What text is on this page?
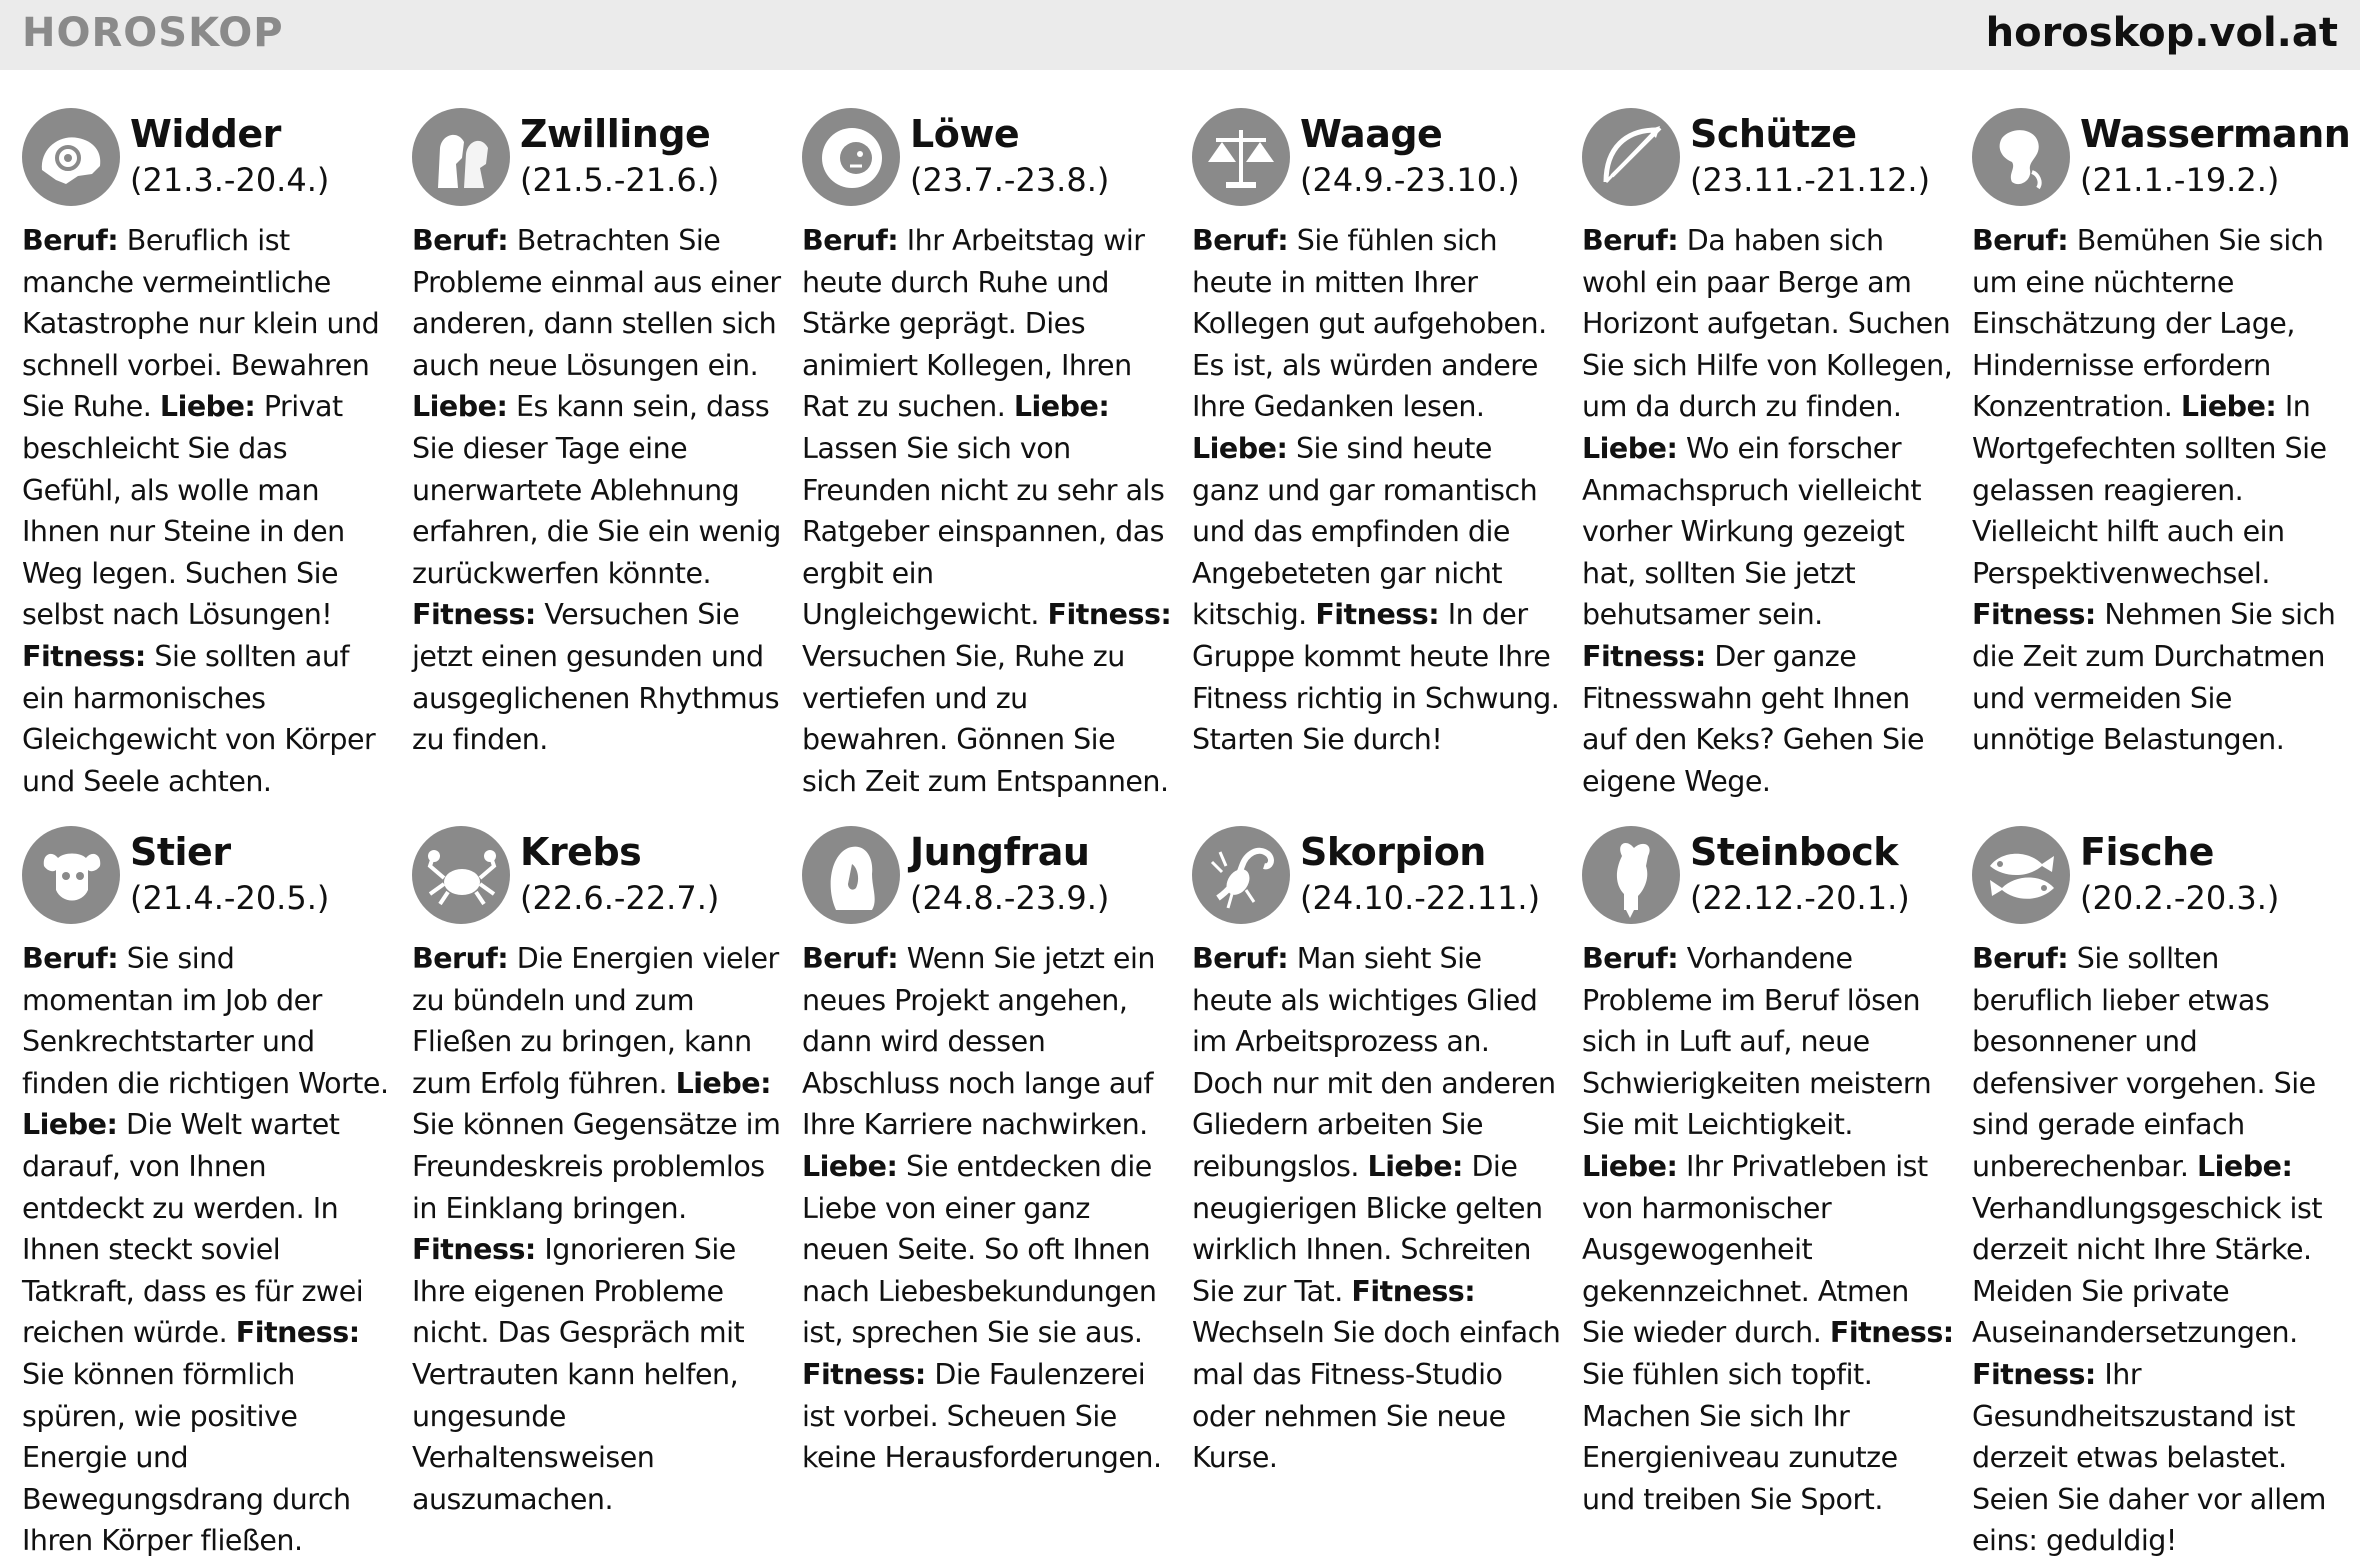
HOROSKOP	horoskop.vol.at
Widder
(21.3.-20.4.)
Beruf: Beruflich ist manche vermeintliche Katastrophe nur klein und schnell vorbei. Bewahren Sie Ruhe. Liebe: Privat beschleicht Sie das Gefühl, als wolle man Ihnen nur Steine in den Weg legen. Suchen Sie selbst nach Lösungen! Fitness: Sie sollten auf ein harmonisches Gleichgewicht von Körper und Seele achten.
Zwillinge
(21.5.-21.6.)
Beruf: Betrachten Sie Probleme einmal aus einer anderen, dann stellen sich auch neue Lösungen ein. Liebe: Es kann sein, dass Sie dieser Tage eine unerwartete Ablehnung erfahren, die Sie ein wenig zurückwerfen könnte. Fitness: Versuchen Sie jetzt einen gesunden und ausgeglichenen Rhythmus zu finden.
Löwe
(23.7.-23.8.)
Beruf: Ihr Arbeitstag wir heute durch Ruhe und Stärke geprägt. Dies animiert Kollegen, Ihren Rat zu suchen. Liebe: Lassen Sie sich von Freunden nicht zu sehr als Ratgeber einspannen, das ergbit ein Ungleichgewicht. Fitness: Versuchen Sie, Ruhe zu vertiefen und zu bewahren. Gönnen Sie sich Zeit zum Entspannen.
Waage
(24.9.-23.10.)
Beruf: Sie fühlen sich heute in mitten Ihrer Kollegen gut aufgehoben. Es ist, als würden andere Ihre Gedanken lesen. Liebe: Sie sind heute ganz und gar romantisch und das empfinden die Angebeteten gar nicht kitschig. Fitness: In der Gruppe kommt heute Ihre Fitness richtig in Schwung. Starten Sie durch!
Schütze
(23.11.-21.12.)
Beruf: Da haben sich wohl ein paar Berge am Horizont aufgetan. Suchen Sie sich Hilfe von Kollegen, um da durch zu finden. Liebe: Wo ein forscher Anmachspruch vielleicht vorher Wirkung gezeigt hat, sollten Sie jetzt behutsamer sein. Fitness: Der ganze Fitnesswahn geht Ihnen auf den Keks? Gehen Sie eigene Wege.
Wassermann
(21.1.-19.2.)
Beruf: Bemühen Sie sich um eine nüchterne Einschätzung der Lage, Hindernisse erfordern Konzentration. Liebe: In Wortgefechten sollten Sie gelassen reagieren. Vielleicht hilft auch ein Perspektivenwechsel. Fitness: Nehmen Sie sich die Zeit zum Durchatmen und vermeiden Sie unnötige Belastungen.
Stier
(21.4.-20.5.)
Beruf: Sie sind momentan im Job der Senkrechtstarter und finden die richtigen Worte. Liebe: Die Welt wartet darauf, von Ihnen entdeckt zu werden. In Ihnen steckt soviel Tatkraft, dass es für zwei reichen würde. Fitness: Sie können förmlich spüren, wie positive Energie und Bewegungsdrang durch Ihren Körper fließen.
Krebs
(22.6.-22.7.)
Beruf: Die Energien vieler zu bündeln und zum Fließen zu bringen, kann zum Erfolg führen. Liebe: Sie können Gegensätze im Freundeskreis problemlos in Einklang bringen. Fitness: Ignorieren Sie Ihre eigenen Probleme nicht. Das Gespräch mit Vertrauten kann helfen, ungesunde Verhaltensweisen auszumachen.
Jungfrau
(24.8.-23.9.)
Beruf: Wenn Sie jetzt ein neues Projekt angehen, dann wird dessen Abschluss noch lange auf Ihre Karriere nachwirken. Liebe: Sie entdecken die Liebe von einer ganz neuen Seite. So oft Ihnen nach Liebesbekundungen ist, sprechen Sie sie aus. Fitness: Die Faulenzerei ist vorbei. Scheuen Sie keine Herausforderungen.
Skorpion
(24.10.-22.11.)
Beruf: Man sieht Sie heute als wichtiges Glied im Arbeitsprozess an. Doch nur mit den anderen Gliedern arbeiten Sie reibungslos. Liebe: Die neugierigen Blicke gelten wirklich Ihnen. Schreiten Sie zur Tat. Fitness: Wechseln Sie doch einfach mal das Fitness-Studio oder nehmen Sie neue Kurse.
Steinbock
(22.12.-20.1.)
Beruf: Vorhandene Probleme im Beruf lösen sich in Luft auf, neue Schwierigkeiten meistern Sie mit Leichtigkeit. Liebe: Ihr Privatleben ist von harmonischer Ausgewogenheit gekennzeichnet. Atmen Sie wieder durch. Fitness: Sie fühlen sich topfit. Machen Sie sich Ihr Energieniveau zunutze und treiben Sie Sport.
Fische
(20.2.-20.3.)
Beruf: Sie sollten beruflich lieber etwas besonnener und defensiver vorgehen. Sie sind gerade einfach unberechenbar. Liebe: Verhandlungsgeschick ist derzeit nicht Ihre Stärke. Meiden Sie private Auseinandersetzungen. Fitness: Ihr Gesundheitszustand ist derzeit etwas belastet. Seien Sie daher vor allem eins: geduldig!
